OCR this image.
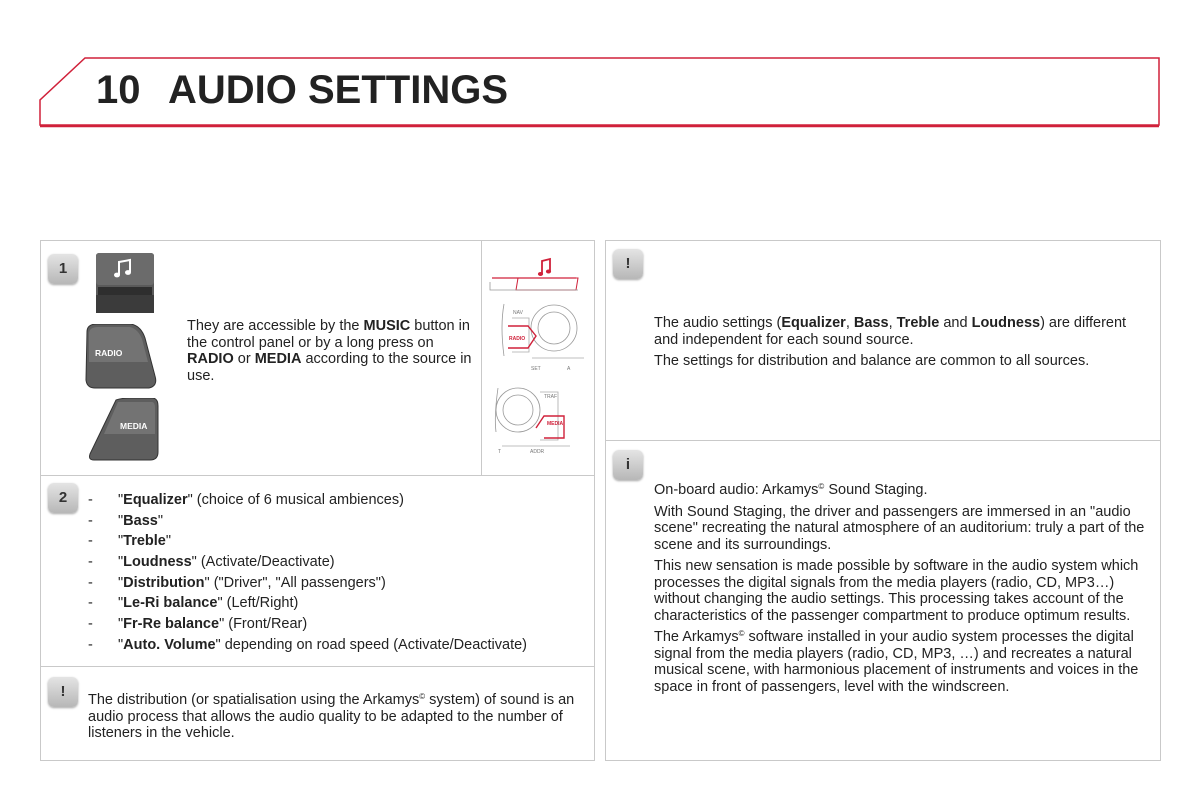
10 AUDIO SETTINGS
1
RADIO
MEDIA
They are accessible by the MUSIC button in the control panel or by a long press on RADIO or MEDIA according to the source in use.
NAV
RADIO
SET	A
TRAF
MEDIA
T	ADDR
2	- "Equalizer" (choice of 6 musical ambiences)
- "Bass"
- "Treble"
- "Loudness" (Activate/Deactivate)
- "Distribution" ("Driver", "All passengers")
- "Le-Ri balance" (Left/Right)
- "Fr-Re balance" (Front/Rear)
- "Auto. Volume" depending on road speed (Activate/Deactivate)
!	The distribution (or spatialisation using the Arkamys© system) of sound is an audio process that allows the audio quality to be adapted to the number of listeners in the vehicle.
!

The audio settings (Equalizer, Bass, Treble and Loudness) are different and independent for each sound source.

The settings for distribution and balance are common to all sources.

i

On-board audio: Arkamys© Sound Staging.

With Sound Staging, the driver and passengers are immersed in an "audio scene" recreating the natural atmosphere of an auditorium: truly a part of the scene and its surroundings.

This new sensation is made possible by software in the audio system which processes the digital signals from the media players (radio, CD, MP3…) without changing the audio settings. This processing takes account of the characteristics of the passenger compartment to produce optimum results.

The Arkamys© software installed in your audio system processes the digital signal from the media players (radio, CD, MP3, …) and recreates a natural musical scene, with harmonious placement of instruments and voices in the space in front of passengers, level with the windscreen.
